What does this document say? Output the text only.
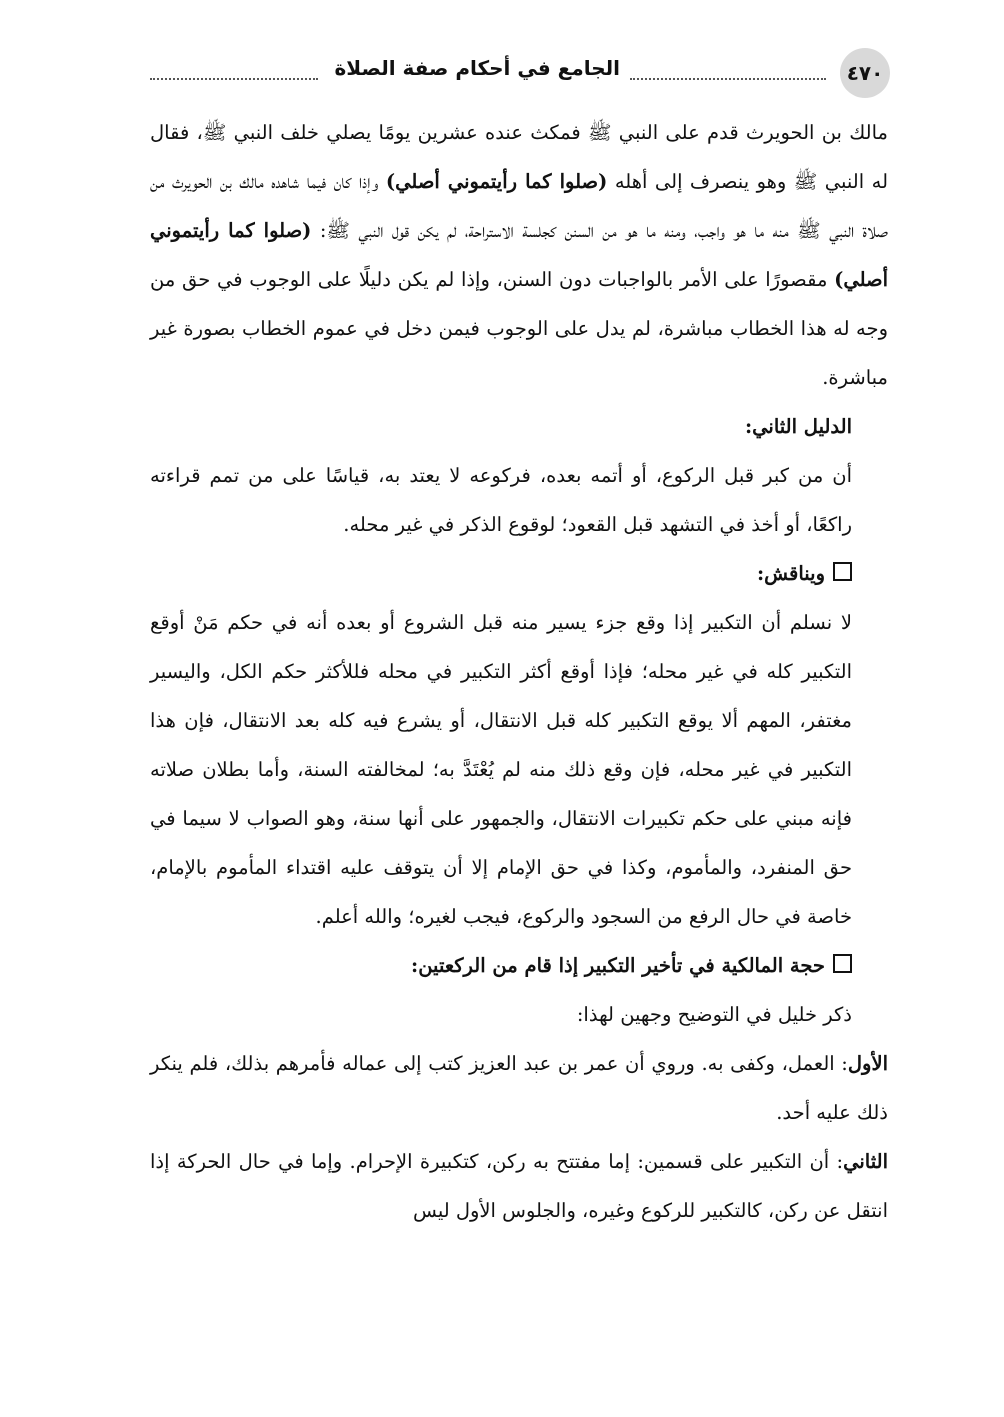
الجامع في أحكام صفة الصلاة	٤٧٠

مالك بن الحويرث قدم على النبي ﷺ فمكث عنده عشرين يومًا يصلي خلف النبي ﷺ، فقال له النبي ﷺ وهو ينصرف إلى أهله (صلوا كما رأيتموني أصلي) وإذا كان فيما شاهده مالك بن الحويرث من صلاة النبي ﷺ منه ما هو واجب، ومنه ما هو من السنن كجلسة الاستراحة، لم يكن قول النبي ﷺ: (صلوا كما رأيتموني أصلي) مقصورًا على الأمر بالواجبات دون السنن، وإذا لم يكن دليلًا على الوجوب في حق من وجه له هذا الخطاب مباشرة، لم يدل على الوجوب فيمن دخل في عموم الخطاب بصورة غير مباشرة.

الدليل الثاني:

أن من كبر قبل الركوع، أو أتمه بعده، فركوعه لا يعتد به، قياسًا على من تمم قراءته راكعًا، أو أخذ في التشهد قبل القعود؛ لوقوع الذكر في غير محله.

ويناقش:

لا نسلم أن التكبير إذا وقع جزء يسير منه قبل الشروع أو بعده أنه في حكم مَنْ أوقع التكبير كله في غير محله؛ فإذا أوقع أكثر التكبير في محله فللأكثر حكم الكل، واليسير مغتفر، المهم ألا يوقع التكبير كله قبل الانتقال، أو يشرع فيه كله بعد الانتقال، فإن هذا التكبير في غير محله، فإن وقع ذلك منه لم يُعْتَدَّ به؛ لمخالفته السنة، وأما بطلان صلاته فإنه مبني على حكم تكبيرات الانتقال، والجمهور على أنها سنة، وهو الصواب لا سيما في حق المنفرد، والمأموم، وكذا في حق الإمام إلا أن يتوقف عليه اقتداء المأموم بالإمام، خاصة في حال الرفع من السجود والركوع، فيجب لغيره؛ والله أعلم.

حجة المالكية في تأخير التكبير إذا قام من الركعتين:

ذكر خليل في التوضيح وجهين لهذا:

الأول: العمل، وكفى به. وروي أن عمر بن عبد العزيز كتب إلى عماله فأمرهم بذلك، فلم ينكر ذلك عليه أحد.

الثاني: أن التكبير على قسمين: إما مفتتح به ركن، كتكبيرة الإحرام. وإما في حال الحركة إذا انتقل عن ركن، كالتكبير للركوع وغيره، والجلوس الأول ليس
